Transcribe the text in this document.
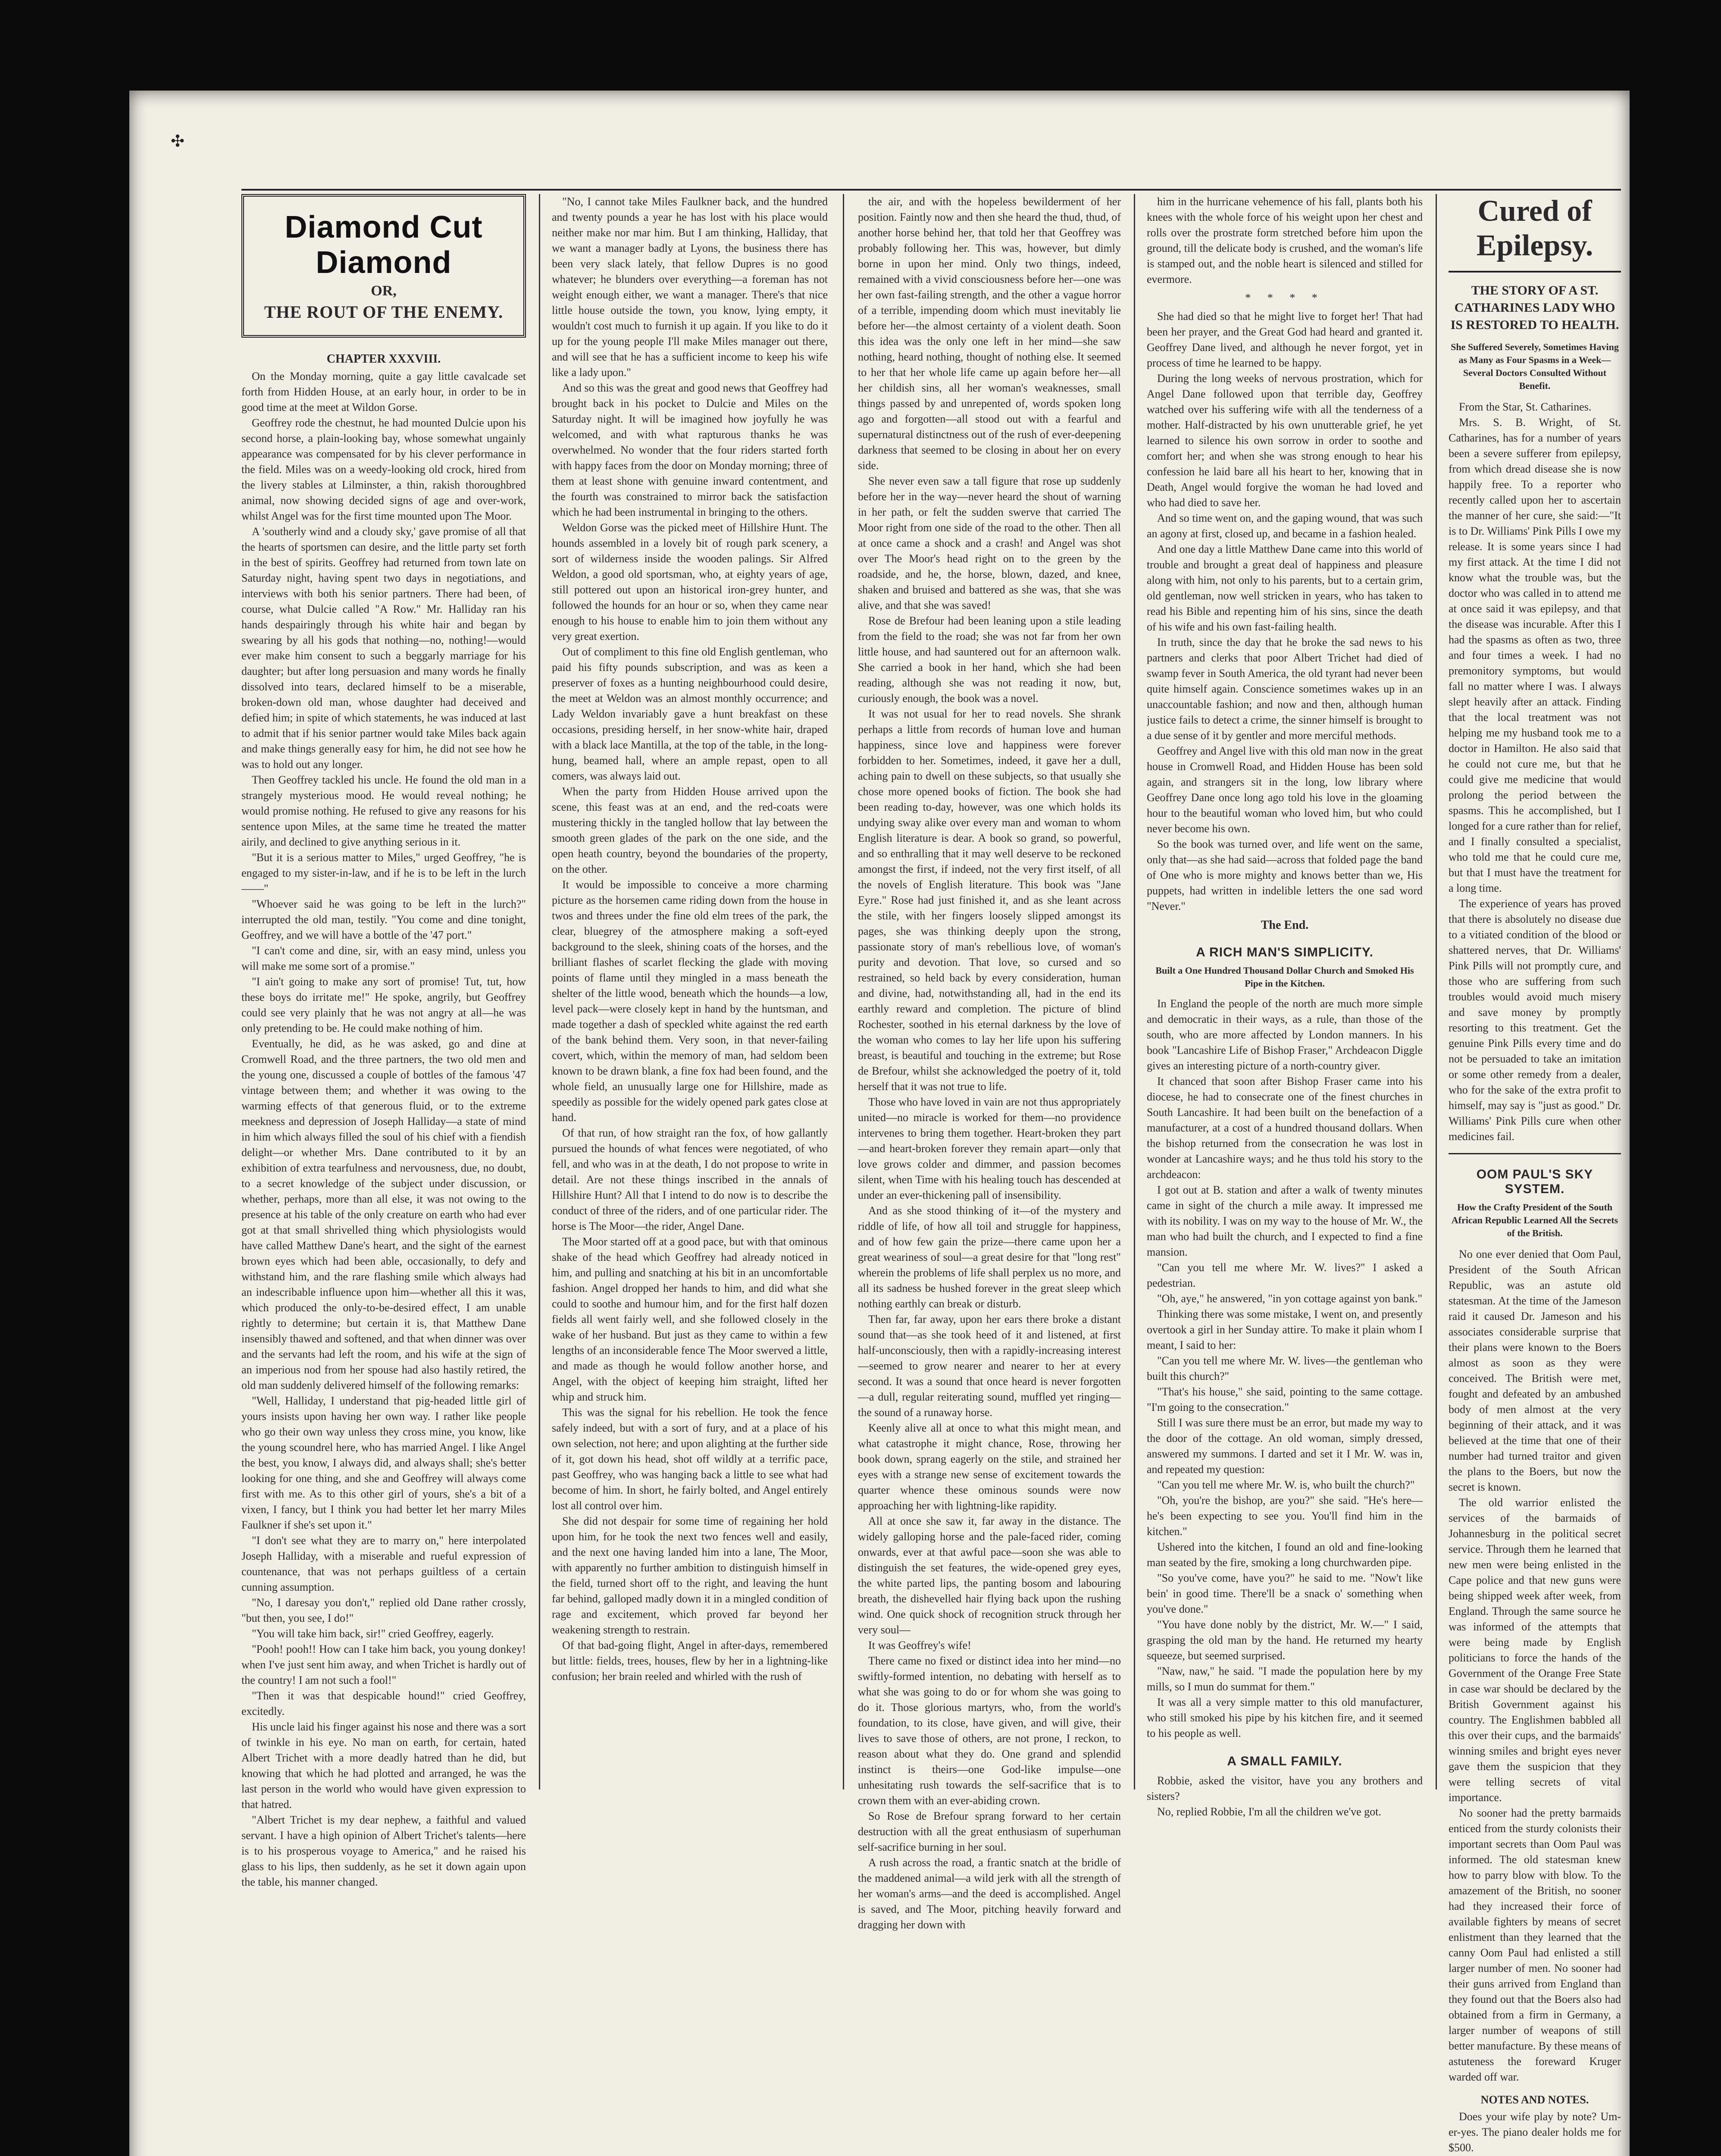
✣
Diamond Cut Diamond
OR,
THE ROUT OF THE ENEMY.
CHAPTER XXXVIII.

On the Monday morning, quite a gay little cavalcade set forth from Hidden House, at an early hour, in order to be in good time at the meet at Wildon Gorse.

Geoffrey rode the chestnut, he had mounted Dulcie upon his second horse, a plain-looking bay, whose somewhat ungainly appearance was compensated for by his clever performance in the field. Miles was on a weedy-looking old crock, hired from the livery stables at Lilminster, a thin, rakish thoroughbred animal, now showing decided signs of age and over-work, whilst Angel was for the first time mounted upon The Moor.

A 'southerly wind and a cloudy sky,' gave promise of all that the hearts of sportsmen can desire, and the little party set forth in the best of spirits. Geoffrey had returned from town late on Saturday night, having spent two days in negotiations, and interviews with both his senior partners. There had been, of course, what Dulcie called "A Row." Mr. Halliday ran his hands despairingly through his white hair and began by swearing by all his gods that nothing—no, nothing!—would ever make him consent to such a beggarly marriage for his daughter; but after long persuasion and many words he finally dissolved into tears, declared himself to be a miserable, broken-down old man, whose daughter had deceived and defied him; in spite of which statements, he was induced at last to admit that if his senior partner would take Miles back again and make things generally easy for him, he did not see how he was to hold out any longer.

Then Geoffrey tackled his uncle. He found the old man in a strangely mysterious mood. He would reveal nothing; he would promise nothing. He refused to give any reasons for his sentence upon Miles, at the same time he treated the matter airily, and declined to give anything serious in it.

"But it is a serious matter to Miles," urged Geoffrey, "he is engaged to my sister-in-law, and if he is to be left in the lurch——"

"Whoever said he was going to be left in the lurch?" interrupted the old man, testily. "You come and dine tonight, Geoffrey, and we will have a bottle of the '47 port."

"I can't come and dine, sir, with an easy mind, unless you will make me some sort of a promise."

"I ain't going to make any sort of promise! Tut, tut, how these boys do irritate me!" He spoke, angrily, but Geoffrey could see very plainly that he was not angry at all—he was only pretending to be. He could make nothing of him.

Eventually, he did, as he was asked, go and dine at Cromwell Road, and the three partners, the two old men and the young one, discussed a couple of bottles of the famous '47 vintage between them; and whether it was owing to the warming effects of that generous fluid, or to the extreme meekness and depression of Joseph Halliday—a state of mind in him which always filled the soul of his chief with a fiendish delight—or whether Mrs. Dane contributed to it by an exhibition of extra tearfulness and nervousness, due, no doubt, to a secret knowledge of the subject under discussion, or whether, perhaps, more than all else, it was not owing to the presence at his table of the only creature on earth who had ever got at that small shrivelled thing which physiologists would have called Matthew Dane's heart, and the sight of the earnest brown eyes which had been able, occasionally, to defy and withstand him, and the rare flashing smile which always had an indescribable influence upon him—whether all this it was, which produced the only-to-be-desired effect, I am unable rightly to determine; but certain it is, that Matthew Dane insensibly thawed and softened, and that when dinner was over and the servants had left the room, and his wife at the sign of an imperious nod from her spouse had also hastily retired, the old man suddenly delivered himself of the following remarks:

"Well, Halliday, I understand that pig-headed little girl of yours insists upon having her own way. I rather like people who go their own way unless they cross mine, you know, like the young scoundrel here, who has married Angel. I like Angel the best, you know, I always did, and always shall; she's better looking for one thing, and she and Geoffrey will always come first with me. As to this other girl of yours, she's a bit of a vixen, I fancy, but I think you had better let her marry Miles Faulkner if she's set upon it."

"I don't see what they are to marry on," here interpolated Joseph Halliday, with a miserable and rueful expression of countenance, that was not perhaps guiltless of a certain cunning assumption.

"No, I daresay you don't," replied old Dane rather crossly, "but then, you see, I do!"

"You will take him back, sir!" cried Geoffrey, eagerly.

"Pooh! pooh!! How can I take him back, you young donkey! when I've just sent him away, and when Trichet is hardly out of the country! I am not such a fool!"

"Then it was that despicable hound!" cried Geoffrey, excitedly.

His uncle laid his finger against his nose and there was a sort of twinkle in his eye. No man on earth, for certain, hated Albert Trichet with a more deadly hatred than he did, but knowing that which he had plotted and arranged, he was the last person in the world who would have given expression to that hatred.

"Albert Trichet is my dear nephew, a faithful and valued servant. I have a high opinion of Albert Trichet's talents—here is to his prosperous voyage to America," and he raised his glass to his lips, then suddenly, as he set it down again upon the table, his manner changed.

"No, I cannot take Miles Faulkner back, and the hundred and twenty pounds a year he has lost with his place would neither make nor mar him. But I am thinking, Halliday, that we want a manager badly at Lyons, the business there has been very slack lately, that fellow Dupres is no good whatever; he blunders over everything—a foreman has not weight enough either, we want a manager. There's that nice little house outside the town, you know, lying empty, it wouldn't cost much to furnish it up again. If you like to do it up for the young people I'll make Miles manager out there, and will see that he has a sufficient income to keep his wife like a lady upon."

And so this was the great and good news that Geoffrey had brought back in his pocket to Dulcie and Miles on the Saturday night. It will be imagined how joyfully he was welcomed, and with what rapturous thanks he was overwhelmed. No wonder that the four riders started forth with happy faces from the door on Monday morning; three of them at least shone with genuine inward contentment, and the fourth was constrained to mirror back the satisfaction which he had been instrumental in bringing to the others.

Weldon Gorse was the picked meet of Hillshire Hunt. The hounds assembled in a lovely bit of rough park scenery, a sort of wilderness inside the wooden palings. Sir Alfred Weldon, a good old sportsman, who, at eighty years of age, still pottered out upon an historical iron-grey hunter, and followed the hounds for an hour or so, when they came near enough to his house to enable him to join them without any very great exertion.

Out of compliment to this fine old English gentleman, who paid his fifty pounds subscription, and was as keen a preserver of foxes as a hunting neighbourhood could desire, the meet at Weldon was an almost monthly occurrence; and Lady Weldon invariably gave a hunt breakfast on these occasions, presiding herself, in her snow-white hair, draped with a black lace Mantilla, at the top of the table, in the long-hung, beamed hall, where an ample repast, open to all comers, was always laid out.

When the party from Hidden House arrived upon the scene, this feast was at an end, and the red-coats were mustering thickly in the tangled hollow that lay between the smooth green glades of the park on the one side, and the open heath country, beyond the boundaries of the property, on the other.

It would be impossible to conceive a more charming picture as the horsemen came riding down from the house in twos and threes under the fine old elm trees of the park, the clear, bluegrey of the atmosphere making a soft-eyed background to the sleek, shining coats of the horses, and the brilliant flashes of scarlet flecking the glade with moving points of flame until they mingled in a mass beneath the shelter of the little wood, beneath which the hounds—a low, level pack—were closely kept in hand by the huntsman, and made together a dash of speckled white against the red earth of the bank behind them. Very soon, in that never-failing covert, which, within the memory of man, had seldom been known to be drawn blank, a fine fox had been found, and the whole field, an unusually large one for Hillshire, made as speedily as possible for the widely opened park gates close at hand.

Of that run, of how straight ran the fox, of how gallantly pursued the hounds of what fences were negotiated, of who fell, and who was in at the death, I do not propose to write in detail. Are not these things inscribed in the annals of Hillshire Hunt? All that I intend to do now is to describe the conduct of three of the riders, and of one particular rider. The horse is The Moor—the rider, Angel Dane.

The Moor started off at a good pace, but with that ominous shake of the head which Geoffrey had already noticed in him, and pulling and snatching at his bit in an uncomfortable fashion. Angel dropped her hands to him, and did what she could to soothe and humour him, and for the first half dozen fields all went fairly well, and she followed closely in the wake of her husband. But just as they came to within a few lengths of an inconsiderable fence The Moor swerved a little, and made as though he would follow another horse, and Angel, with the object of keeping him straight, lifted her whip and struck him.

This was the signal for his rebellion. He took the fence safely indeed, but with a sort of fury, and at a place of his own selection, not here; and upon alighting at the further side of it, got down his head, shot off wildly at a terrific pace, past Geoffrey, who was hanging back a little to see what had become of him. In short, he fairly bolted, and Angel entirely lost all control over him.

She did not despair for some time of regaining her hold upon him, for he took the next two fences well and easily, and the next one having landed him into a lane, The Moor, with apparently no further ambition to distinguish himself in the field, turned short off to the right, and leaving the hunt far behind, galloped madly down it in a mingled condition of rage and excitement, which proved far beyond her weakening strength to restrain.

Of that bad-going flight, Angel in after-days, remembered but little: fields, trees, houses, flew by her in a lightning-like confusion; her brain reeled and whirled with the rush of

the air, and with the hopeless bewilderment of her position. Faintly now and then she heard the thud, thud, of another horse behind her, that told her that Geoffrey was probably following her. This was, however, but dimly borne in upon her mind. Only two things, indeed, remained with a vivid consciousness before her—one was her own fast-failing strength, and the other a vague horror of a terrible, impending doom which must inevitably lie before her—the almost certainty of a violent death. Soon this idea was the only one left in her mind—she saw nothing, heard nothing, thought of nothing else. It seemed to her that her whole life came up again before her—all her childish sins, all her woman's weaknesses, small things passed by and unrepented of, words spoken long ago and forgotten—all stood out with a fearful and supernatural distinctness out of the rush of ever-deepening darkness that seemed to be closing in about her on every side.

She never even saw a tall figure that rose up suddenly before her in the way—never heard the shout of warning in her path, or felt the sudden swerve that carried The Moor right from one side of the road to the other. Then all at once came a shock and a crash! and Angel was shot over The Moor's head right on to the green by the roadside, and he, the horse, blown, dazed, and knee, shaken and bruised and battered as she was, that she was alive, and that she was saved!

Rose de Brefour had been leaning upon a stile leading from the field to the road; she was not far from her own little house, and had sauntered out for an afternoon walk. She carried a book in her hand, which she had been reading, although she was not reading it now, but, curiously enough, the book was a novel.

It was not usual for her to read novels. She shrank perhaps a little from records of human love and human happiness, since love and happiness were forever forbidden to her. Sometimes, indeed, it gave her a dull, aching pain to dwell on these subjects, so that usually she chose more opened books of fiction. The book she had been reading to-day, however, was one which holds its undying sway alike over every man and woman to whom English literature is dear. A book so grand, so powerful, and so enthralling that it may well deserve to be reckoned amongst the first, if indeed, not the very first itself, of all the novels of English literature. This book was "Jane Eyre." Rose had just finished it, and as she leant across the stile, with her fingers loosely slipped amongst its pages, she was thinking deeply upon the strong, passionate story of man's rebellious love, of woman's purity and devotion. That love, so cursed and so restrained, so held back by every consideration, human and divine, had, notwithstanding all, had in the end its earthly reward and completion. The picture of blind Rochester, soothed in his eternal darkness by the love of the woman who comes to lay her life upon his suffering breast, is beautiful and touching in the extreme; but Rose de Brefour, whilst she acknowledged the poetry of it, told herself that it was not true to life.

Those who have loved in vain are not thus appropriately united—no miracle is worked for them—no providence intervenes to bring them together. Heart-broken they part—and heart-broken forever they remain apart—only that love grows colder and dimmer, and passion becomes silent, when Time with his healing touch has descended at under an ever-thickening pall of insensibility.

And as she stood thinking of it—of the mystery and riddle of life, of how all toil and struggle for happiness, and of how few gain the prize—there came upon her a great weariness of soul—a great desire for that "long rest" wherein the problems of life shall perplex us no more, and all its sadness be hushed forever in the great sleep which nothing earthly can break or disturb.

Then far, far away, upon her ears there broke a distant sound that—as she took heed of it and listened, at first half-unconsciously, then with a rapidly-increasing interest—seemed to grow nearer and nearer to her at every second. It was a sound that once heard is never forgotten—a dull, regular reiterating sound, muffled yet ringing—the sound of a runaway horse.

Keenly alive all at once to what this might mean, and what catastrophe it might chance, Rose, throwing her book down, sprang eagerly on the stile, and strained her eyes with a strange new sense of excitement towards the quarter whence these ominous sounds were now approaching her with lightning-like rapidity.

All at once she saw it, far away in the distance. The widely galloping horse and the pale-faced rider, coming onwards, ever at that awful pace—soon she was able to distinguish the set features, the wide-opened grey eyes, the white parted lips, the panting bosom and labouring breath, the dishevelled hair flying back upon the rushing wind. One quick shock of recognition struck through her very soul—

It was Geoffrey's wife!

There came no fixed or distinct idea into her mind—no swiftly-formed intention, no debating with herself as to what she was going to do or for whom she was going to do it. Those glorious martyrs, who, from the world's foundation, to its close, have given, and will give, their lives to save those of others, are not prone, I reckon, to reason about what they do. One grand and splendid instinct is theirs—one God-like impulse—one unhesitating rush towards the self-sacrifice that is to crown them with an ever-abiding crown.

So Rose de Brefour sprang forward to her certain destruction with all the great enthusiasm of superhuman self-sacrifice burning in her soul.

A rush across the road, a frantic snatch at the bridle of the maddened animal—a wild jerk with all the strength of her woman's arms—and the deed is accomplished. Angel is saved, and The Moor, pitching heavily forward and dragging her down with

him in the hurricane vehemence of his fall, plants both his knees with the whole force of his weight upon her chest and rolls over the prostrate form stretched before him upon the ground, till the delicate body is crushed, and the woman's life is stamped out, and the noble heart is silenced and stilled for evermore.

* * * *

She had died so that he might live to forget her! That had been her prayer, and the Great God had heard and granted it. Geoffrey Dane lived, and although he never forgot, yet in process of time he learned to be happy.

During the long weeks of nervous prostration, which for Angel Dane followed upon that terrible day, Geoffrey watched over his suffering wife with all the tenderness of a mother. Half-distracted by his own unutterable grief, he yet learned to silence his own sorrow in order to soothe and comfort her; and when she was strong enough to hear his confession he laid bare all his heart to her, knowing that in Death, Angel would forgive the woman he had loved and who had died to save her.

And so time went on, and the gaping wound, that was such an agony at first, closed up, and became in a fashion healed.

And one day a little Matthew Dane came into this world of trouble and brought a great deal of happiness and pleasure along with him, not only to his parents, but to a certain grim, old gentleman, now well stricken in years, who has taken to read his Bible and repenting him of his sins, since the death of his wife and his own fast-failing health.

In truth, since the day that he broke the sad news to his partners and clerks that poor Albert Trichet had died of swamp fever in South America, the old tyrant had never been quite himself again. Conscience sometimes wakes up in an unaccountable fashion; and now and then, although human justice fails to detect a crime, the sinner himself is brought to a due sense of it by gentler and more merciful methods.

Geoffrey and Angel live with this old man now in the great house in Cromwell Road, and Hidden House has been sold again, and strangers sit in the long, low library where Geoffrey Dane once long ago told his love in the gloaming hour to the beautiful woman who loved him, but who could never become his own.

So the book was turned over, and life went on the same, only that—as she had said—across that folded page the band of One who is more mighty and knows better than we, His puppets, had written in indelible letters the one sad word "Never."

The End.
A RICH MAN'S SIMPLICITY.
Built a One Hundred Thousand Dollar Church and Smoked His Pipe in the Kitchen.

In England the people of the north are much more simple and democratic in their ways, as a rule, than those of the south, who are more affected by London manners. In his book "Lancashire Life of Bishop Fraser," Archdeacon Diggle gives an interesting picture of a north-country giver.

It chanced that soon after Bishop Fraser came into his diocese, he had to consecrate one of the finest churches in South Lancashire. It had been built on the benefaction of a manufacturer, at a cost of a hundred thousand dollars. When the bishop returned from the consecration he was lost in wonder at Lancashire ways; and he thus told his story to the archdeacon:

I got out at B. station and after a walk of twenty minutes came in sight of the church a mile away. It impressed me with its nobility. I was on my way to the house of Mr. W., the man who had built the church, and I expected to find a fine mansion.

"Can you tell me where Mr. W. lives?" I asked a pedestrian.

"Oh, aye," he answered, "in yon cottage against yon bank."

Thinking there was some mistake, I went on, and presently overtook a girl in her Sunday attire. To make it plain whom I meant, I said to her:

"Can you tell me where Mr. W. lives—the gentleman who built this church?"

"That's his house," she said, pointing to the same cottage. "I'm going to the consecration."

Still I was sure there must be an error, but made my way to the door of the cottage. An old woman, simply dressed, answered my summons. I darted and set it I Mr. W. was in, and repeated my question:

"Can you tell me where Mr. W. is, who built the church?"

"Oh, you're the bishop, are you?" she said. "He's here—he's been expecting to see you. You'll find him in the kitchen."

Ushered into the kitchen, I found an old and fine-looking man seated by the fire, smoking a long churchwarden pipe.

"So you've come, have you?" he said to me. "Now't like bein' in good time. There'll be a snack o' something when you've done."

"You have done nobly by the district, Mr. W.—" I said, grasping the old man by the hand. He returned my hearty squeeze, but seemed surprised.

"Naw, naw," he said. "I made the population here by my mills, so I mun do summat for them."

It was all a very simple matter to this old manufacturer, who still smoked his pipe by his kitchen fire, and it seemed to his people as well.

A SMALL FAMILY.

Robbie, asked the visitor, have you any brothers and sisters?

No, replied Robbie, I'm all the children we've got.

Cured of Epilepsy.
THE STORY OF A ST. CATHARINES LADY WHO IS RESTORED TO HEALTH.
She Suffered Severely, Sometimes Having as Many as Four Spasms in a Week—Several Doctors Consulted Without Benefit.

From the Star, St. Catharines.

Mrs. S. B. Wright, of St. Catharines, has for a number of years been a severe sufferer from epilepsy, from which dread disease she is now happily free. To a reporter who recently called upon her to ascertain the manner of her cure, she said:—"It is to Dr. Williams' Pink Pills I owe my release. It is some years since I had my first attack. At the time I did not know what the trouble was, but the doctor who was called in to attend me at once said it was epilepsy, and that the disease was incurable. After this I had the spasms as often as two, three and four times a week. I had no premonitory symptoms, but would fall no matter where I was. I always slept heavily after an attack. Finding that the local treatment was not helping me my husband took me to a doctor in Hamilton. He also said that he could not cure me, but that he could give me medicine that would prolong the period between the spasms. This he accomplished, but I longed for a cure rather than for relief, and I finally consulted a specialist, who told me that he could cure me, but that I must have the treatment for a long time.

The experience of years has proved that there is absolutely no disease due to a vitiated condition of the blood or shattered nerves, that Dr. Williams' Pink Pills will not promptly cure, and those who are suffering from such troubles would avoid much misery and save money by promptly resorting to this treatment. Get the genuine Pink Pills every time and do not be persuaded to take an imitation or some other remedy from a dealer, who for the sake of the extra profit to himself, may say is "just as good." Dr. Williams' Pink Pills cure when other medicines fail.

OOM PAUL'S SKY SYSTEM.
How the Crafty President of the South African Republic Learned All the Secrets of the British.

No one ever denied that Oom Paul, President of the South African Republic, was an astute old statesman. At the time of the Jameson raid it caused Dr. Jameson and his associates considerable surprise that their plans were known to the Boers almost as soon as they were conceived. The British were met, fought and defeated by an ambushed body of men almost at the very beginning of their attack, and it was believed at the time that one of their number had turned traitor and given the plans to the Boers, but now the secret is known.

The old warrior enlisted the services of the barmaids of Johannesburg in the political secret service. Through them he learned that new men were being enlisted in the Cape police and that new guns were being shipped week after week, from England. Through the same source he was informed of the attempts that were being made by English politicians to force the hands of the Government of the Orange Free State in case war should be declared by the British Government against his country. The Englishmen babbled all this over their cups, and the barmaids' winning smiles and bright eyes never gave them the suspicion that they were telling secrets of vital importance.

No sooner had the pretty barmaids enticed from the sturdy colonists their important secrets than Oom Paul was informed. The old statesman knew how to parry blow with blow. To the amazement of the British, no sooner had they increased their force of available fighters by means of secret enlistment than they learned that the canny Oom Paul had enlisted a still larger number of men. No sooner had their guns arrived from England than they found out that the Boers also had obtained from a firm in Germany, a larger number of weapons of still better manufacture. By these means of astuteness the foreward Kruger warded off war.

NOTES AND NOTES.

Does your wife play by note? Um-er-yes. The piano dealer holds me for $500.
